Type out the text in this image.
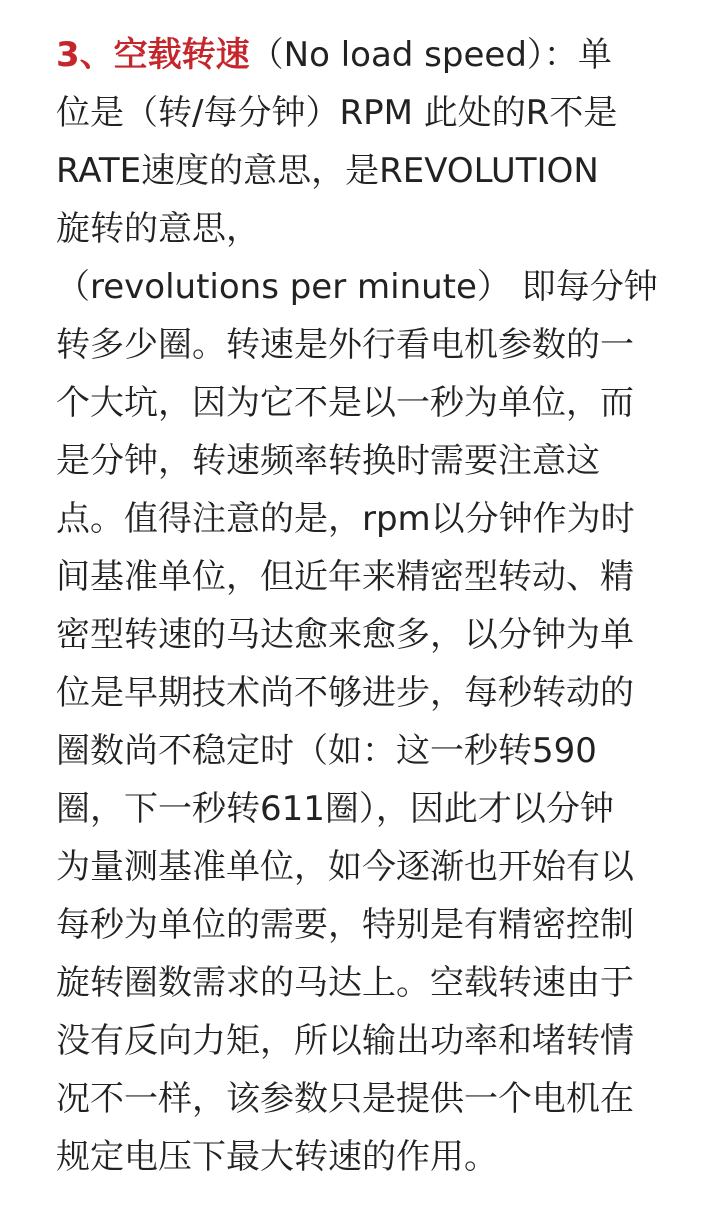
3、空载转速（No load speed）：单
位是（转/每分钟）RPM 此处的R不是
RATE速度的意思，是REVOLUTION
旋转的意思，
（revolutions per minute） 即每分钟
转多少圈。转速是外行看电机参数的一
个大坑，因为它不是以一秒为单位，而
是分钟，转速频率转换时需要注意这
点。值得注意的是，rpm以分钟作为时
间基准单位，但近年来精密型转动、精
密型转速的马达愈来愈多，以分钟为单
位是早期技术尚不够进步，每秒转动的
圈数尚不稳定时（如：这一秒转590
圈，下一秒转611圈），因此才以分钟
为量测基准单位，如今逐渐也开始有以
每秒为单位的需要，特别是有精密控制
旋转圈数需求的马达上。空载转速由于
没有反向力矩，所以输出功率和堵转情
况不一样，该参数只是提供一个电机在
规定电压下最大转速的作用。
